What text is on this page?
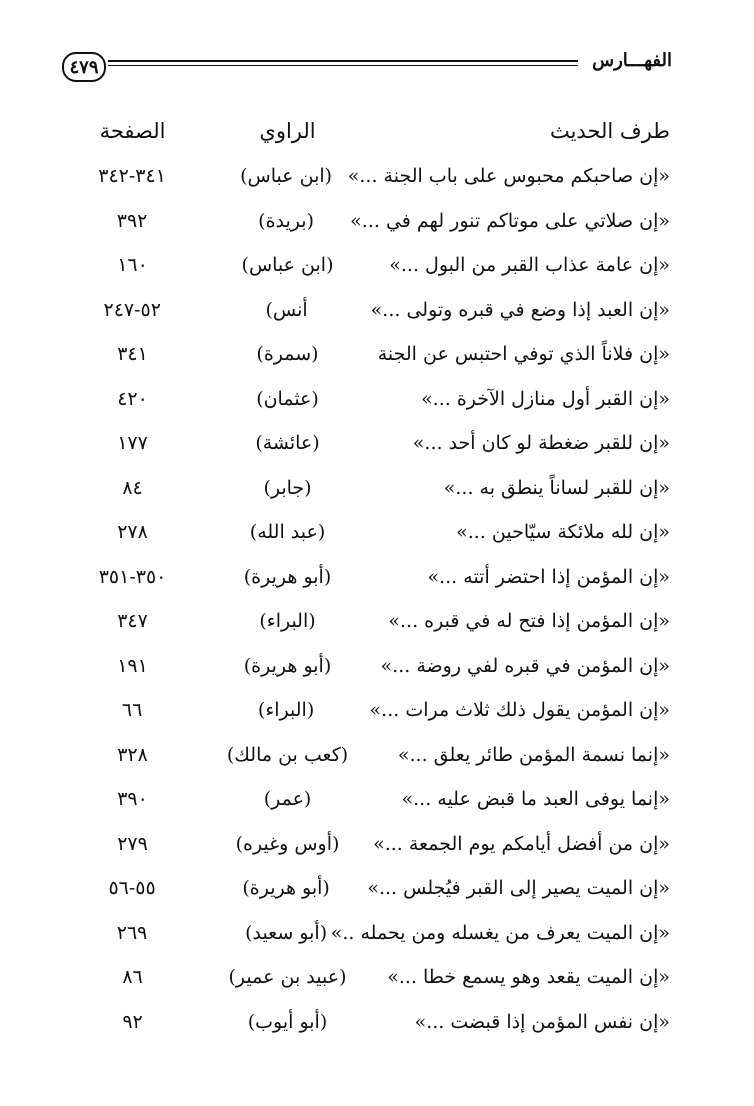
٤٧٩	الفهـــارس
طرف الحديث
الراوي
الصفحة
«إن صاحبكم محبوس على باب الجنة ...»
(ابن عباس)
٣٤١-٣٤٢
«إن صلاتي على موتاكم تنور لهم في ...»
(بريدة)
٣٩٢
«إن عامة عذاب القبر من البول ...»
(ابن عباس)
١٦٠
«إن العبد إذا وضع في قبره وتولى ...»
أنس)
٥٢-٢٤٧
«إن فلاناً الذي توفي احتبس عن الجنة
(سمرة)
٣٤١
«إن القبر أول منازل الآخرة ...»
(عثمان)
٤٢٠
«إن للقبر ضغطة لو كان أحد ...»
(عائشة)
١٧٧
«إن للقبر لساناً ينطق به ...»
(جابر)
٨٤
«إن لله ملائكة سيّاحين ...»
(عبد الله)
٢٧٨
«إن المؤمن إذا احتضر أتته ...»
(أبو هريرة)
٣٥٠-٣٥١
«إن المؤمن إذا فتح له في قبره ...»
(البراء)
٣٤٧
«إن المؤمن في قبره لفي روضة ...»
(أبو هريرة)
١٩١
«إن المؤمن يقول ذلك ثلاث مرات ...»
(البراء)
٦٦
«إنما نسمة المؤمن طائر يعلق ...»
(كعب بن مالك)
٣٢٨
«إنما يوفى العبد ما قبض عليه ...»
(عمر)
٣٩٠
«إن من أفضل أيامكم يوم الجمعة ...»
(أوس وغيره)
٢٧٩
«إن الميت يصير إلى القبر فيُجلس ...»
(أبو هريرة)
٥٥-٥٦
«إن الميت يعرف من يغسله ومن يحمله ..»
(أبو سعيد)
٢٦٩
«إن الميت يقعد وهو يسمع خطا ...»
(عبيد بن عمير)
٨٦
«إن نفس المؤمن إذا قبضت ...»
(أبو أيوب)
٩٢
